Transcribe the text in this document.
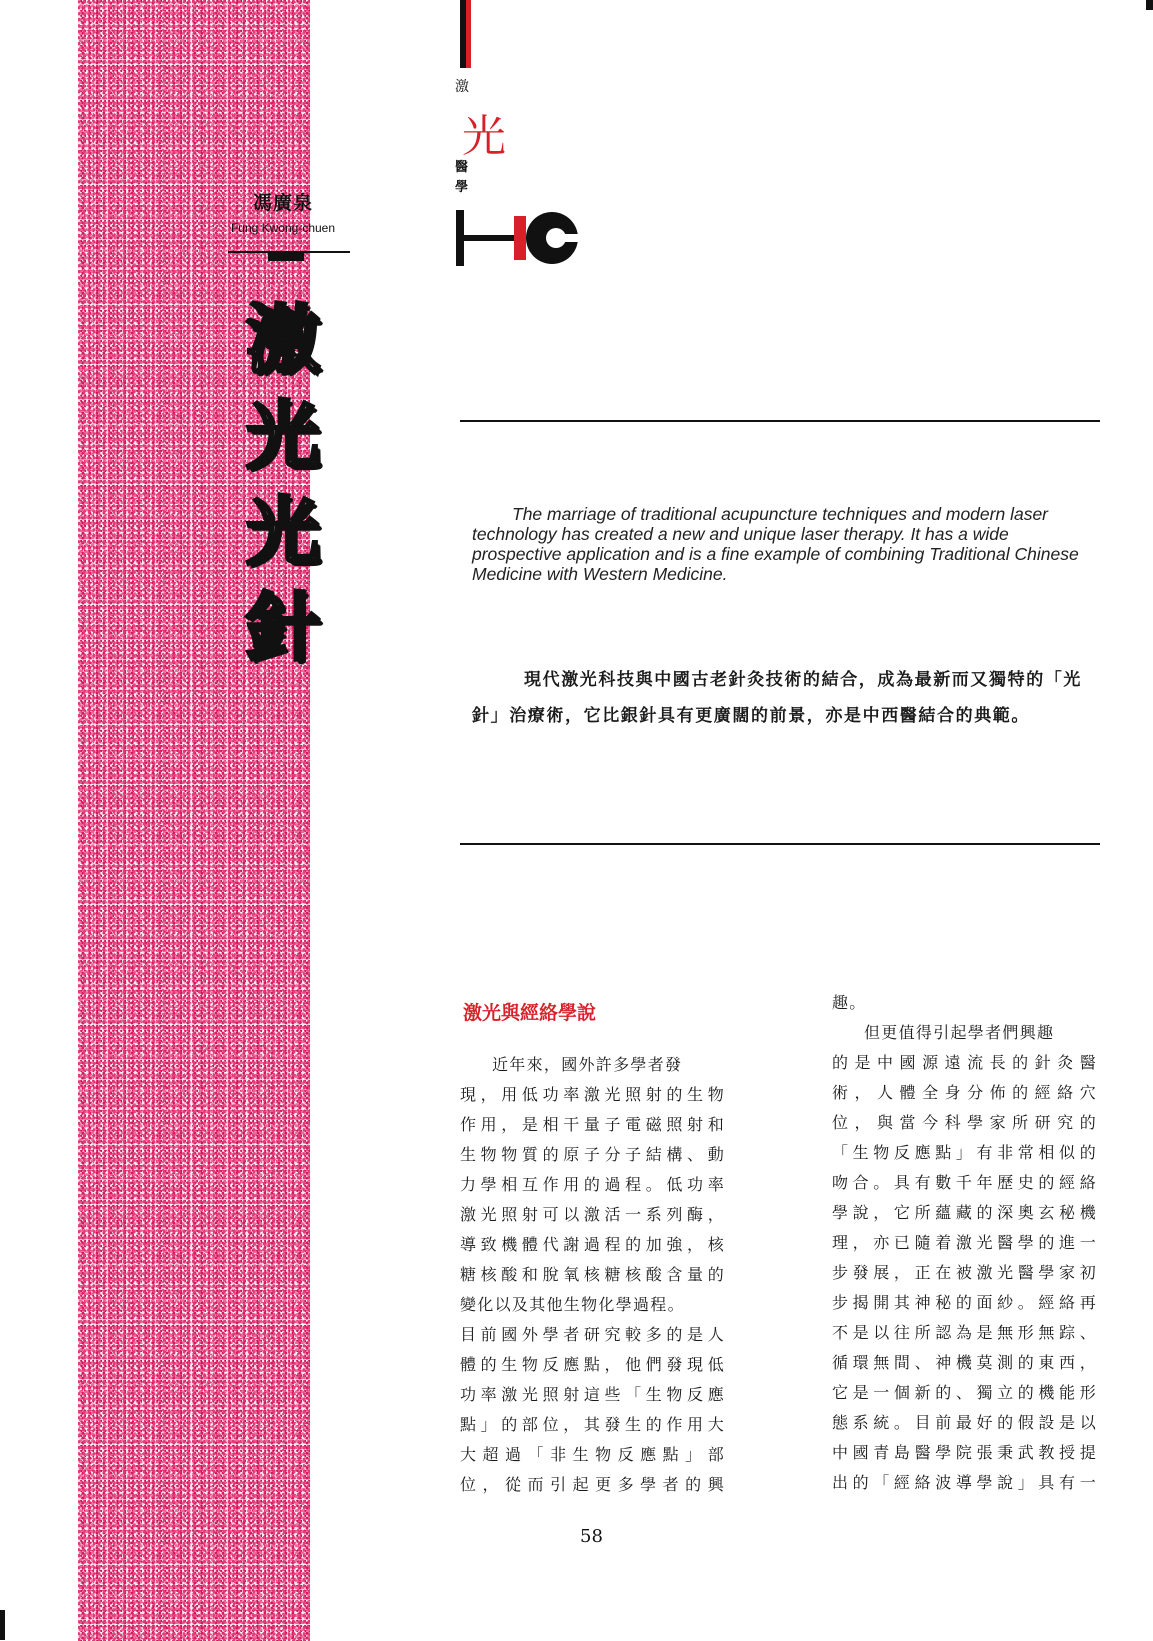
馮廣泉
Fung Kwong-chuen
激
光
光
針
激
光
醫
學
The marriage of traditional acupuncture techniques and modern laser technology has created a new and unique laser therapy. It has a wide prospective application and is a fine example of combining Traditional Chinese Medicine with Western Medicine.
現代激光科技與中國古老針灸技術的結合，成為最新而又獨特的「光針」治療術，它比銀針具有更廣闊的前景，亦是中西醫結合的典範。
激光與經絡學說
近年來，國外許多學者發
現，用低功率激光照射的生物
作用，是相干量子電磁照射和
生物物質的原子分子結構、動
力學相互作用的過程。低功率
激光照射可以激活一系列酶，
導致機體代謝過程的加強，核
糖核酸和脫氧核糖核酸含量的
變化以及其他生物化學過程。
目前國外學者研究較多的是人
體的生物反應點，他們發現低
功率激光照射這些「生物反應
點」的部位，其發生的作用大
大超過「非生物反應點」部
位，從而引起更多學者的興
趣。
但更值得引起學者們興趣
的是中國源遠流長的針灸醫
術，人體全身分佈的經絡穴
位，與當今科學家所研究的
「生物反應點」有非常相似的
吻合。具有數千年歷史的經絡
學說，它所蘊藏的深奧玄秘機
理，亦已隨着激光醫學的進一
步發展，正在被激光醫學家初
步揭開其神秘的面紗。經絡再
不是以往所認為是無形無踪、
循環無間、神機莫測的東西，
它是一個新的、獨立的機能形
態系統。目前最好的假設是以
中國青島醫學院張秉武教授提
出的「經絡波導學說」具有一
58
